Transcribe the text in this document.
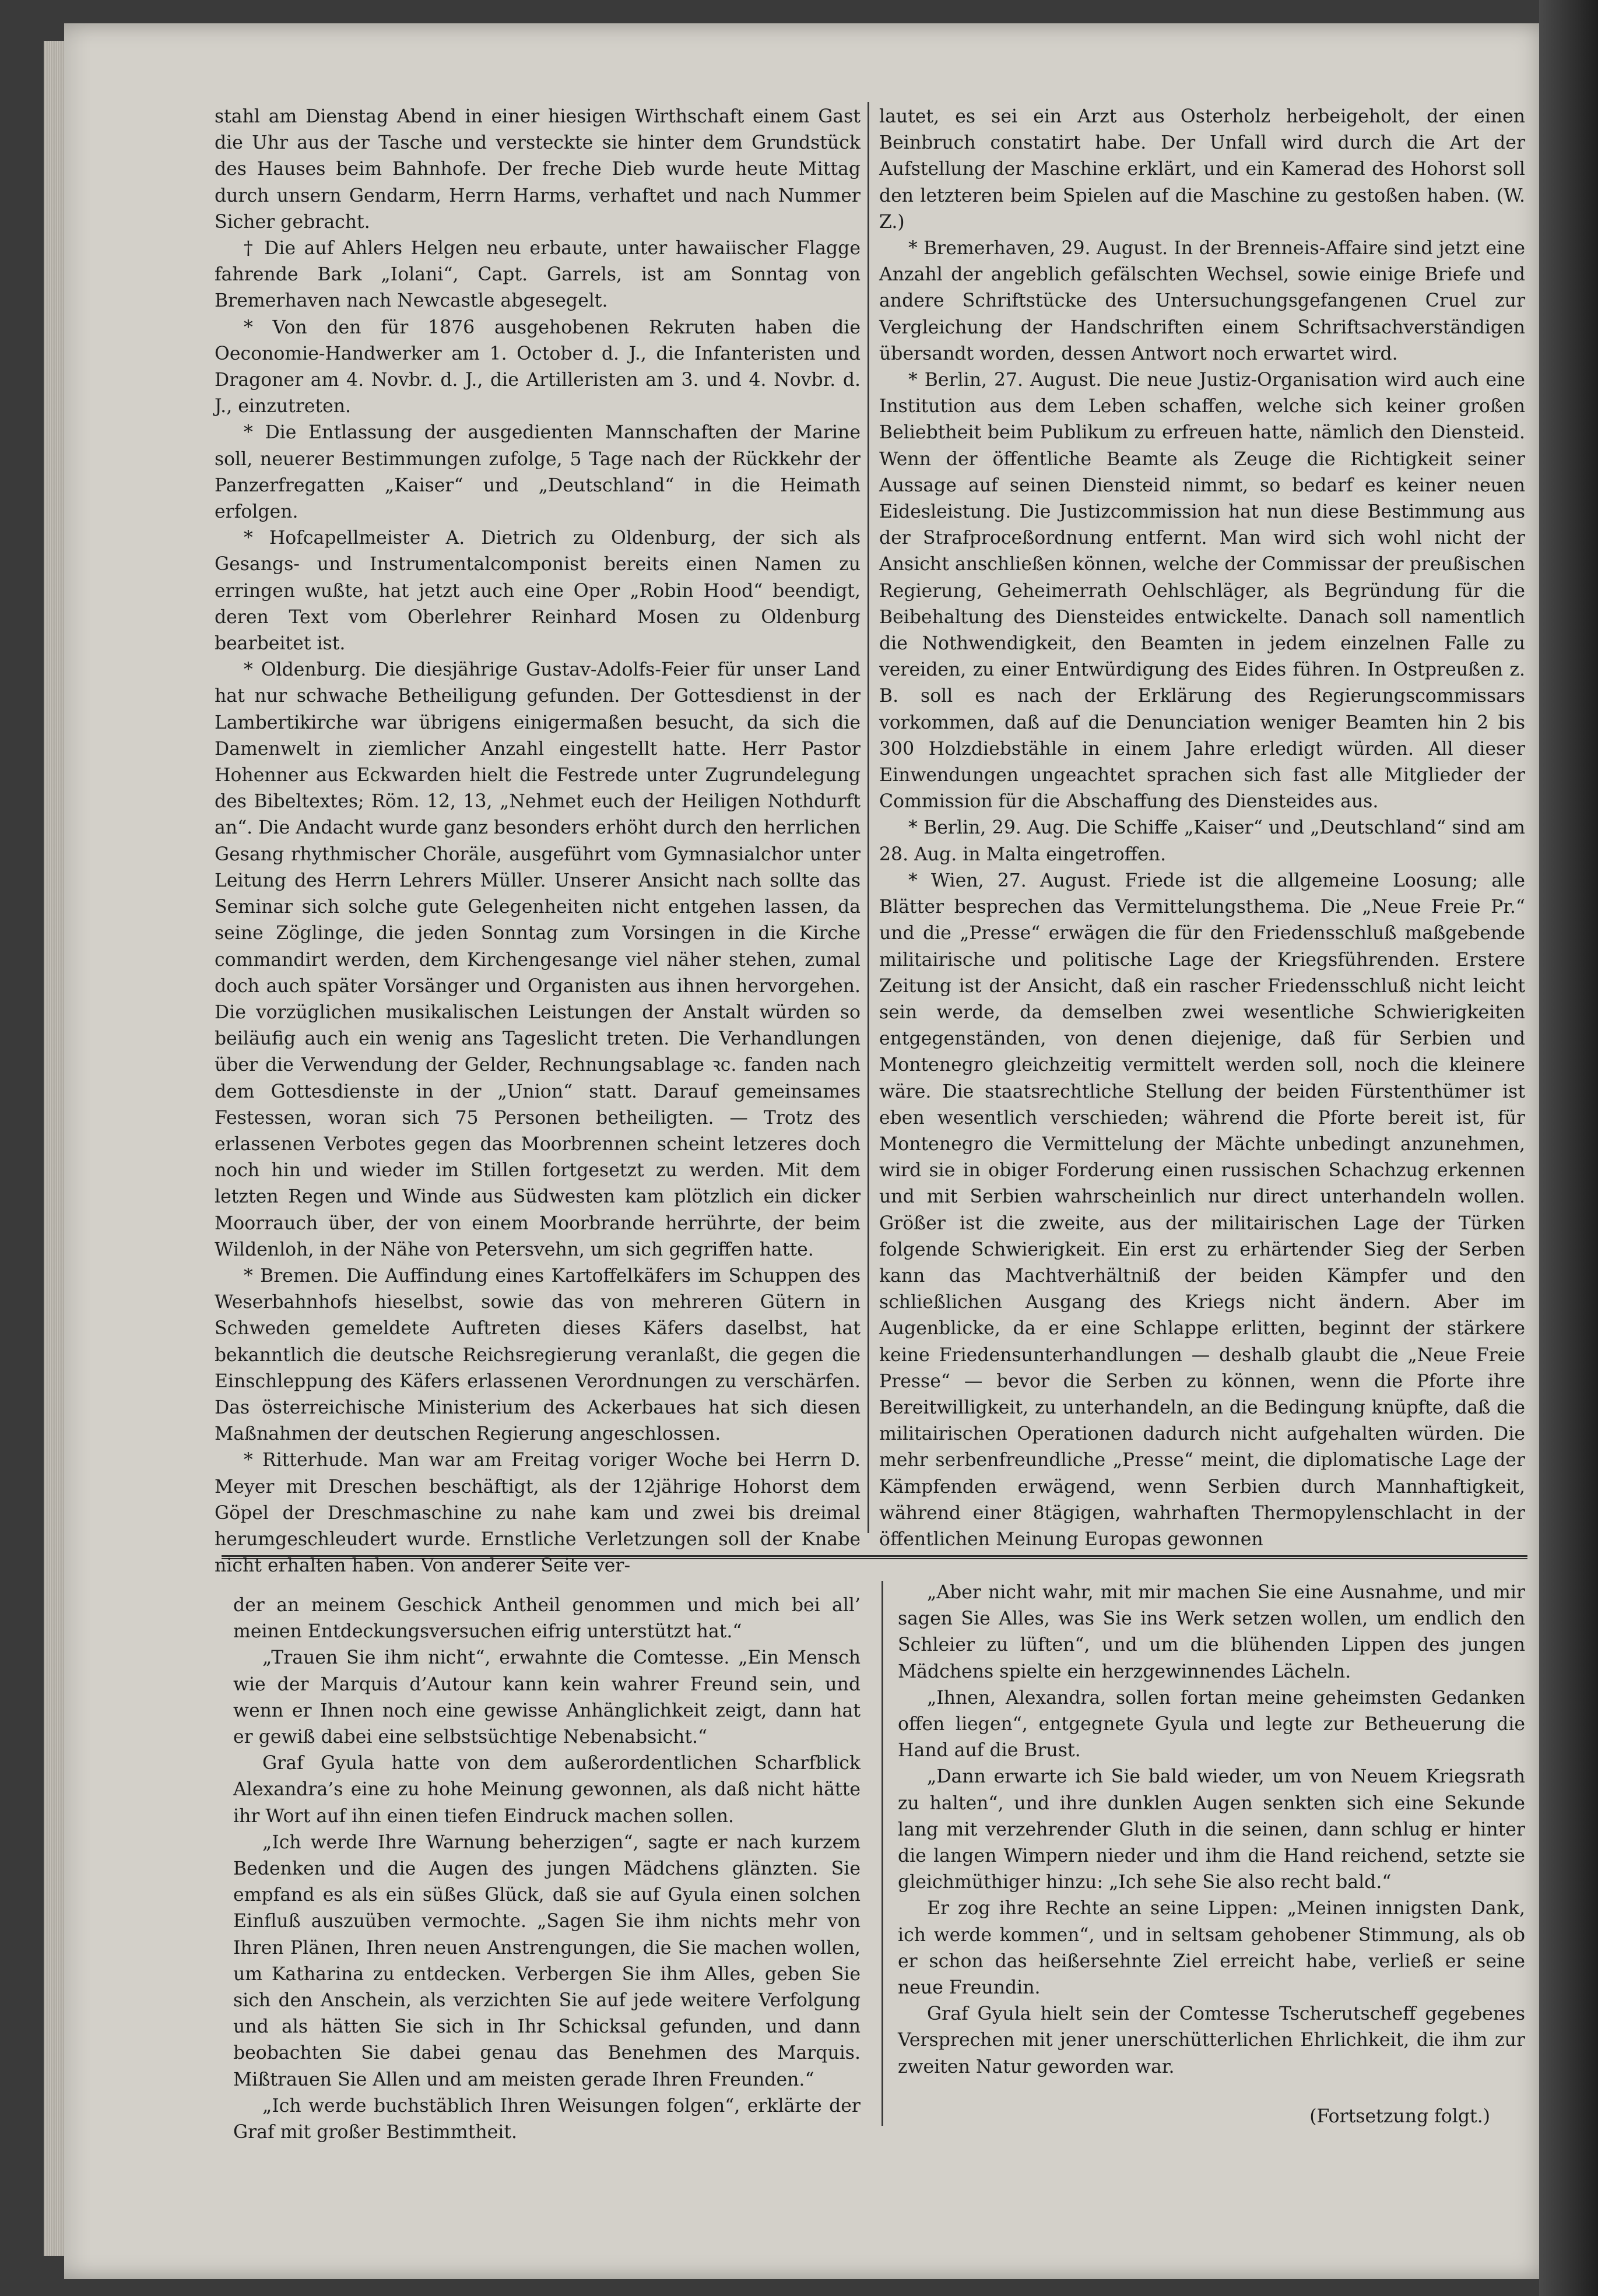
stahl am Dienstag Abend in einer hiesigen Wirthschaft einem Gast die Uhr aus der Tasche und versteckte sie hinter dem Grundstück des Hauses beim Bahnhofe. Der freche Dieb wurde heute Mittag durch unsern Gendarm, Herrn Harms, verhaftet und nach Nummer Sicher gebracht.

† Die auf Ahlers Helgen neu erbaute, unter hawaiischer Flagge fahrende Bark „Iolani“, Capt. Garrels, ist am Sonntag von Bremerhaven nach Newcastle abgesegelt.

* Von den für 1876 ausgehobenen Rekruten haben die Oeconomie-Handwerker am 1. October d. J., die Infanteristen und Dragoner am 4. Novbr. d. J., die Artilleristen am 3. und 4. Novbr. d. J., einzutreten.

* Die Entlassung der ausgedienten Mannschaften der Marine soll, neuerer Bestimmungen zufolge, 5 Tage nach der Rückkehr der Panzerfregatten „Kaiser“ und „Deutschland“ in die Heimath erfolgen.

* Hofcapellmeister A. Dietrich zu Oldenburg, der sich als Gesangs- und Instrumentalcomponist bereits einen Namen zu erringen wußte, hat jetzt auch eine Oper „Robin Hood“ beendigt, deren Text vom Oberlehrer Reinhard Mosen zu Oldenburg bearbeitet ist.

* Oldenburg. Die diesjährige Gustav-Adolfs-Feier für unser Land hat nur schwache Betheiligung gefunden. Der Gottesdienst in der Lambertikirche war übrigens einigermaßen besucht, da sich die Damenwelt in ziemlicher Anzahl eingestellt hatte. Herr Pastor Hohenner aus Eckwarden hielt die Festrede unter Zugrundelegung des Bibeltextes; Röm. 12, 13, „Nehmet euch der Heiligen Nothdurft an“. Die Andacht wurde ganz besonders erhöht durch den herrlichen Gesang rhythmischer Choräle, ausgeführt vom Gymnasialchor unter Leitung des Herrn Lehrers Müller. Unserer Ansicht nach sollte das Seminar sich solche gute Gelegenheiten nicht entgehen lassen, da seine Zöglinge, die jeden Sonntag zum Vorsingen in die Kirche commandirt werden, dem Kirchengesange viel näher stehen, zumal doch auch später Vorsänger und Organisten aus ihnen hervorgehen. Die vorzüglichen musikalischen Leistungen der Anstalt würden so beiläufig auch ein wenig ans Tageslicht treten. Die Verhandlungen über die Verwendung der Gelder, Rechnungsablage ꝛc. fanden nach dem Gottesdienste in der „Union“ statt. Darauf gemeinsames Festessen, woran sich 75 Personen betheiligten. — Trotz des erlassenen Verbotes gegen das Moorbrennen scheint letzeres doch noch hin und wieder im Stillen fortgesetzt zu werden. Mit dem letzten Regen und Winde aus Südwesten kam plötzlich ein dicker Moorrauch über, der von einem Moorbrande herrührte, der beim Wildenloh, in der Nähe von Petersvehn, um sich gegriffen hatte.

* Bremen. Die Auffindung eines Kartoffelkäfers im Schuppen des Weserbahnhofs hieselbst, sowie das von mehreren Gütern in Schweden gemeldete Auftreten dieses Käfers daselbst, hat bekanntlich die deutsche Reichsregierung veranlaßt, die gegen die Einschleppung des Käfers erlassenen Verordnungen zu verschärfen. Das österreichische Ministerium des Ackerbaues hat sich diesen Maßnahmen der deutschen Regierung angeschlossen.

* Ritterhude. Man war am Freitag voriger Woche bei Herrn D. Meyer mit Dreschen beschäftigt, als der 12jährige Hohorst dem Göpel der Dreschmaschine zu nahe kam und zwei bis dreimal herumgeschleudert wurde. Ernstliche Verletzungen soll der Knabe nicht erhalten haben. Von anderer Seite ver-

lautet, es sei ein Arzt aus Osterholz herbeigeholt, der einen Beinbruch constatirt habe. Der Unfall wird durch die Art der Aufstellung der Maschine erklärt, und ein Kamerad des Hohorst soll den letzteren beim Spielen auf die Maschine zu gestoßen haben. (W. Z.)

* Bremerhaven, 29. August. In der Brenneis-Affaire sind jetzt eine Anzahl der angeblich gefälschten Wechsel, sowie einige Briefe und andere Schriftstücke des Untersuchungsgefangenen Cruel zur Vergleichung der Handschriften einem Schriftsachverständigen übersandt worden, dessen Antwort noch erwartet wird.

* Berlin, 27. August. Die neue Justiz-Organisation wird auch eine Institution aus dem Leben schaffen, welche sich keiner großen Beliebtheit beim Publikum zu erfreuen hatte, nämlich den Diensteid. Wenn der öffentliche Beamte als Zeuge die Richtigkeit seiner Aussage auf seinen Diensteid nimmt, so bedarf es keiner neuen Eidesleistung. Die Justizcommission hat nun diese Bestimmung aus der Strafproceßordnung entfernt. Man wird sich wohl nicht der Ansicht anschließen können, welche der Commissar der preußischen Regierung, Geheimerrath Oehlschläger, als Begründung für die Beibehaltung des Diensteides entwickelte. Danach soll namentlich die Nothwendigkeit, den Beamten in jedem einzelnen Falle zu vereiden, zu einer Entwürdigung des Eides führen. In Ostpreußen z. B. soll es nach der Erklärung des Regierungscommissars vorkommen, daß auf die Denunciation weniger Beamten hin 2 bis 300 Holzdiebstähle in einem Jahre erledigt würden. All dieser Einwendungen ungeachtet sprachen sich fast alle Mitglieder der Commission für die Abschaffung des Diensteides aus.

* Berlin, 29. Aug. Die Schiffe „Kaiser“ und „Deutschland“ sind am 28. Aug. in Malta eingetroffen.

* Wien, 27. August. Friede ist die allgemeine Loosung; alle Blätter besprechen das Vermittelungsthema. Die „Neue Freie Pr.“ und die „Presse“ erwägen die für den Friedensschluß maßgebende militairische und politische Lage der Kriegsführenden. Erstere Zeitung ist der Ansicht, daß ein rascher Friedensschluß nicht leicht sein werde, da demselben zwei wesentliche Schwierigkeiten entgegenständen, von denen diejenige, daß für Serbien und Montenegro gleichzeitig vermittelt werden soll, noch die kleinere wäre. Die staatsrechtliche Stellung der beiden Fürstenthümer ist eben wesentlich verschieden; während die Pforte bereit ist, für Montenegro die Vermittelung der Mächte unbedingt anzunehmen, wird sie in obiger Forderung einen russischen Schachzug erkennen und mit Serbien wahrscheinlich nur direct unterhandeln wollen. Größer ist die zweite, aus der militairischen Lage der Türken folgende Schwierigkeit. Ein erst zu erhärtender Sieg der Serben kann das Machtverhältniß der beiden Kämpfer und den schließlichen Ausgang des Kriegs nicht ändern. Aber im Augenblicke, da er eine Schlappe erlitten, beginnt der stärkere keine Friedensunterhandlungen — deshalb glaubt die „Neue Freie Presse“ — bevor die Serben zu können, wenn die Pforte ihre Bereitwilligkeit, zu unterhandeln, an die Bedingung knüpfte, daß die militairischen Operationen dadurch nicht aufgehalten würden. Die mehr serbenfreundliche „Presse“ meint, die diplomatische Lage der Kämpfenden erwägend, wenn Serbien durch Mannhaftigkeit, während einer 8tägigen, wahrhaften Thermopylenschlacht in der öffentlichen Meinung Europas gewonnen

der an meinem Geschick Antheil genommen und mich bei all’ meinen Entdeckungsversuchen eifrig unterstützt hat.“

„Trauen Sie ihm nicht“, erwahnte die Comtesse. „Ein Mensch wie der Marquis d’Autour kann kein wahrer Freund sein, und wenn er Ihnen noch eine gewisse Anhänglichkeit zeigt, dann hat er gewiß dabei eine selbstsüchtige Nebenabsicht.“

Graf Gyula hatte von dem außerordentlichen Scharfblick Alexandra’s eine zu hohe Meinung gewonnen, als daß nicht hätte ihr Wort auf ihn einen tiefen Eindruck machen sollen.

„Ich werde Ihre Warnung beherzigen“, sagte er nach kurzem Bedenken und die Augen des jungen Mädchens glänzten. Sie empfand es als ein süßes Glück, daß sie auf Gyula einen solchen Einfluß auszuüben vermochte. „Sagen Sie ihm nichts mehr von Ihren Plänen, Ihren neuen Anstrengungen, die Sie machen wollen, um Katharina zu entdecken. Verbergen Sie ihm Alles, geben Sie sich den Anschein, als verzichten Sie auf jede weitere Verfolgung und als hätten Sie sich in Ihr Schicksal gefunden, und dann beobachten Sie dabei genau das Benehmen des Marquis. Mißtrauen Sie Allen und am meisten gerade Ihren Freunden.“

„Ich werde buchstäblich Ihren Weisungen folgen“, erklärte der Graf mit großer Bestimmtheit.

„Aber nicht wahr, mit mir machen Sie eine Ausnahme, und mir sagen Sie Alles, was Sie ins Werk setzen wollen, um endlich den Schleier zu lüften“, und um die blühenden Lippen des jungen Mädchens spielte ein herzgewinnendes Lächeln.

„Ihnen, Alexandra, sollen fortan meine geheimsten Gedanken offen liegen“, entgegnete Gyula und legte zur Betheuerung die Hand auf die Brust.

„Dann erwarte ich Sie bald wieder, um von Neuem Kriegsrath zu halten“, und ihre dunklen Augen senkten sich eine Sekunde lang mit verzehrender Gluth in die seinen, dann schlug er hinter die langen Wimpern nieder und ihm die Hand reichend, setzte sie gleichmüthiger hinzu: „Ich sehe Sie also recht bald.“

Er zog ihre Rechte an seine Lippen: „Meinen innigsten Dank, ich werde kommen“, und in seltsam gehobener Stimmung, als ob er schon das heißersehnte Ziel erreicht habe, verließ er seine neue Freundin.

Graf Gyula hielt sein der Comtesse Tscherutscheff gegebenes Versprechen mit jener unerschütterlichen Ehrlichkeit, die ihm zur zweiten Natur geworden war.

(Fortsetzung folgt.)
